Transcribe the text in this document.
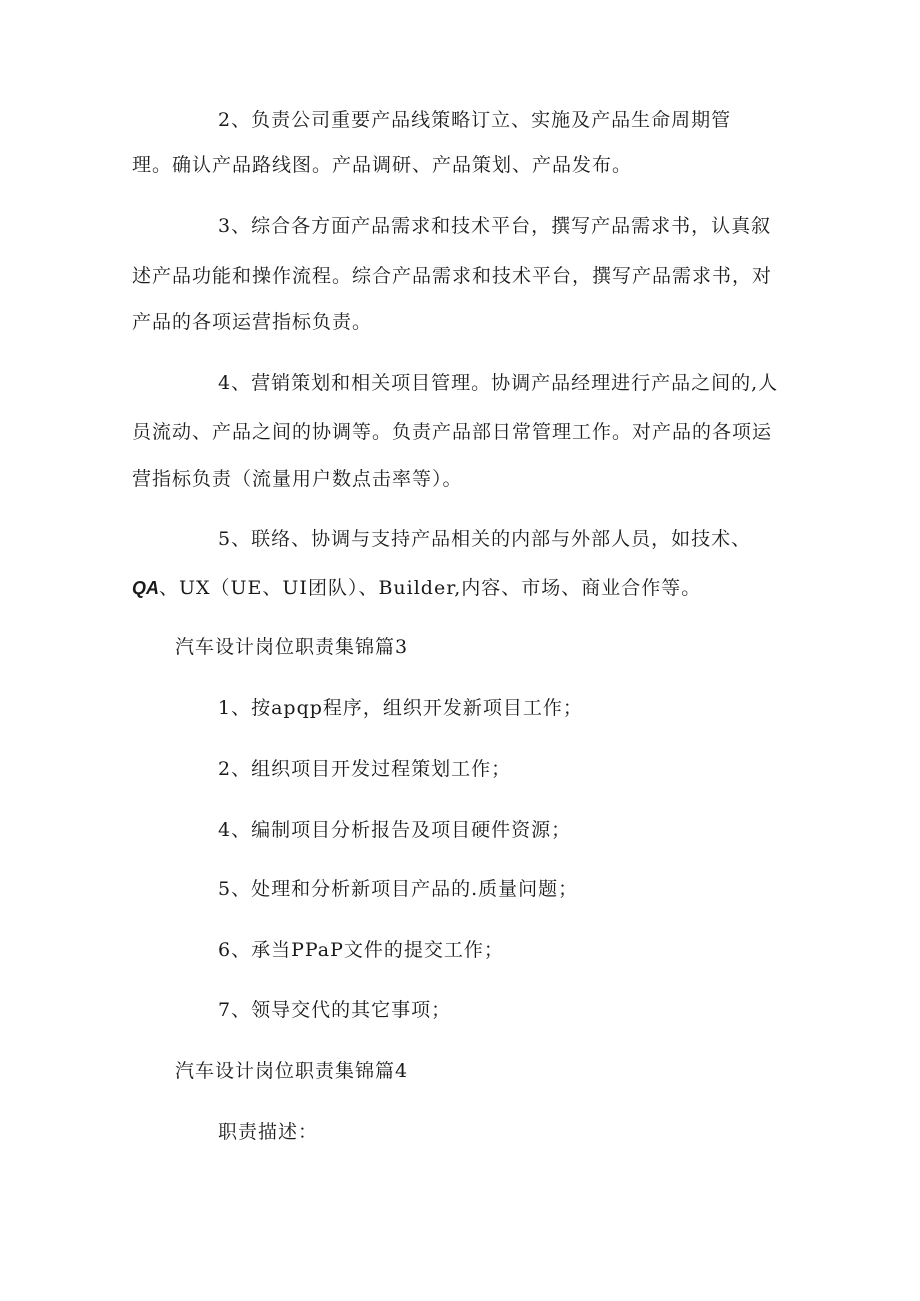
2、负责公司重要产品线策略订立、实施及产品生命周期管
理。确认产品路线图。产品调研、产品策划、产品发布。
3、综合各方面产品需求和技术平台，撰写产品需求书，认真叙
述产品功能和操作流程。综合产品需求和技术平台，撰写产品需求书，对
产品的各项运营指标负责。
4、营销策划和相关项目管理。协调产品经理进行产品之间的,人
员流动、产品之间的协调等。负责产品部日常管理工作。对产品的各项运
营指标负责（流量用户数点击率等）。
5、联络、协调与支持产品相关的内部与外部人员，如技术、
QA、UX（UE、UI团队）、Builder,内容、市场、商业合作等。
汽车设计岗位职责集锦篇3
1、按apqp程序，组织开发新项目工作；
2、组织项目开发过程策划工作；
4、编制项目分析报告及项目硬件资源；
5、处理和分析新项目产品的.质量问题；
6、承当PPaP文件的提交工作；
7、领导交代的其它事项；
汽车设计岗位职责集锦篇4
职责描述：
